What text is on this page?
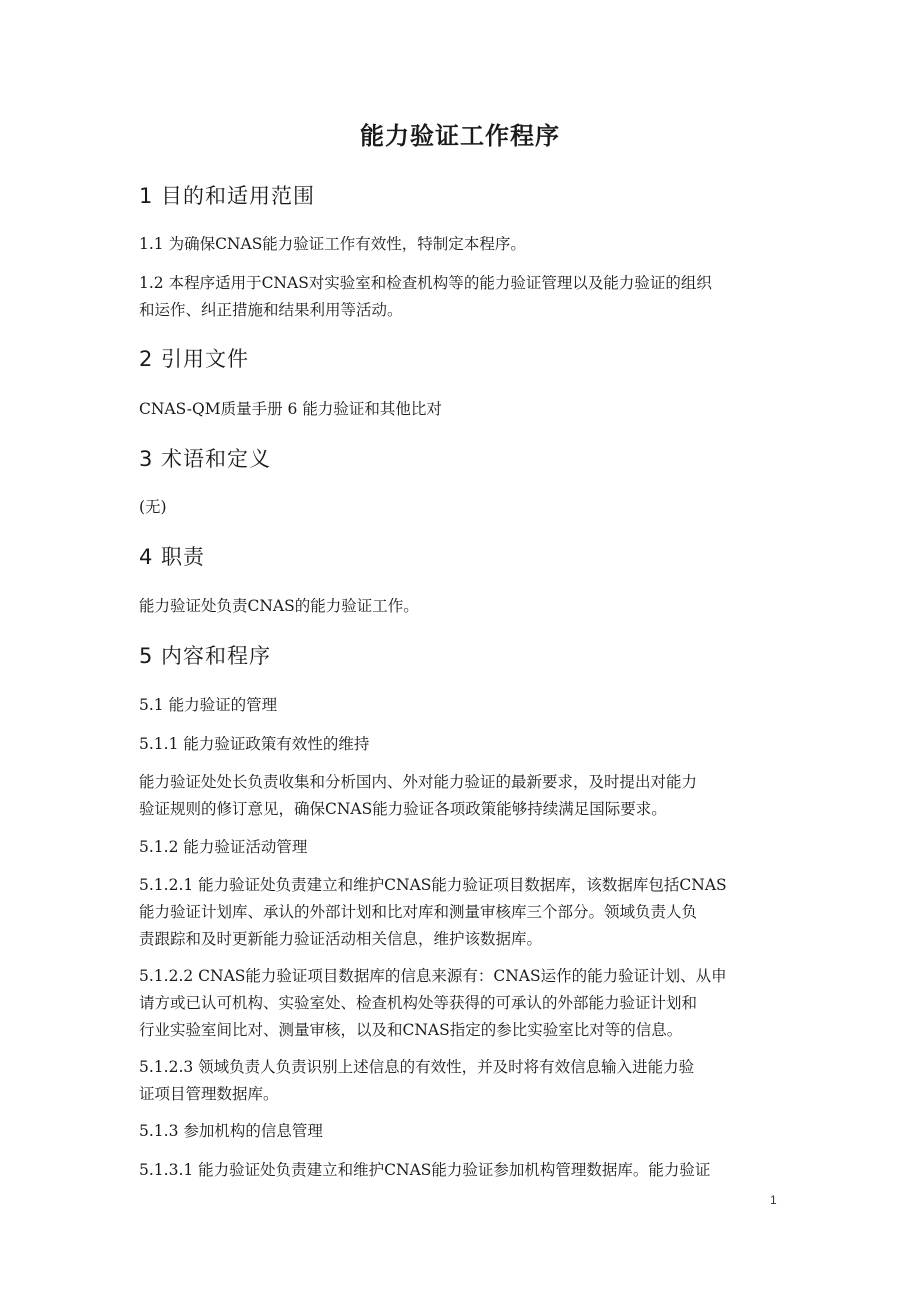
能力验证工作程序
1 目的和适用范围
1.1 为确保CNAS能力验证工作有效性，特制定本程序。
1.2 本程序适用于CNAS对实验室和检查机构等的能力验证管理以及能力验证的组织
和运作、纠正措施和结果利用等活动。
2 引用文件
CNAS-QM质量手册 6 能力验证和其他比对
3 术语和定义
(无)
4 职责
能力验证处负责CNAS的能力验证工作。
5 内容和程序
5.1 能力验证的管理
5.1.1 能力验证政策有效性的维持
能力验证处处长负责收集和分析国内、外对能力验证的最新要求，及时提出对能力
验证规则的修订意见，确保CNAS能力验证各项政策能够持续满足国际要求。
5.1.2 能力验证活动管理
5.1.2.1 能力验证处负责建立和维护CNAS能力验证项目数据库，该数据库包括CNAS
能力验证计划库、承认的外部计划和比对库和测量审核库三个部分。领域负责人负
责跟踪和及时更新能力验证活动相关信息，维护该数据库。
5.1.2.2 CNAS能力验证项目数据库的信息来源有：CNAS运作的能力验证计划、从申
请方或已认可机构、实验室处、检查机构处等获得的可承认的外部能力验证计划和
行业实验室间比对、测量审核，以及和CNAS指定的参比实验室比对等的信息。
5.1.2.3 领域负责人负责识别上述信息的有效性，并及时将有效信息输入进能力验
证项目管理数据库。
5.1.3 参加机构的信息管理
5.1.3.1 能力验证处负责建立和维护CNAS能力验证参加机构管理数据库。能力验证
1
